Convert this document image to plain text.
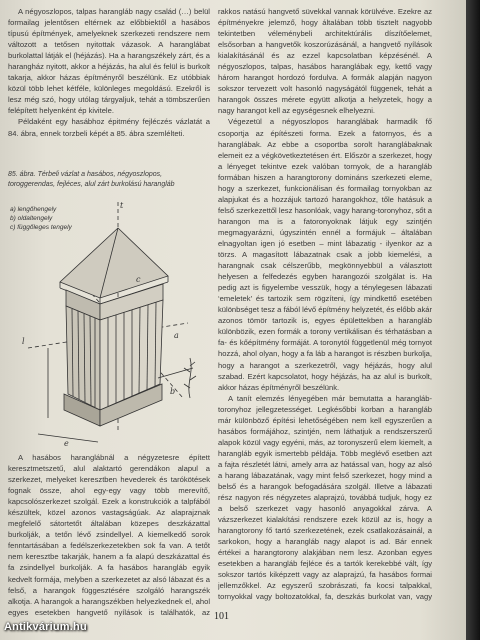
A négyoszlopos, talpas harangláb nagy család (…) belül formailag jelentősen eltérnek az előbbiektől a hasábos típusú építmények, amelyeknek szerkezeti rendszere nem változott a tetősen nyitottak vázasok. A haranglábat burkolattal látják el (héjázás). Ha a harangszékely zárt, és a harangház nyitott, akkor a héjázás, ha alul és felül is burkolt takarja, akkor házas építményről beszélünk. Ez utóbbiak közül több lehet kétféle, különleges megoldású. Ezekről is lesz még szó, hogy utólag tárgyaljuk, tehát a tömbszerűen felépített helyenként ép kivitele.

Példaként egy hasábhoz épitmény fejléczés vázlatát a 84. ábra, ennek torzbeli képét a 85. ábra szemlélteti.

85. ábra. Térbeli vázlat a hasábos, négyoszlopos, toroggerendas, fejléces, alul zárt burkolású harangláb
l
c
a
b
t
e
a) lengőhengely
b) oldaltengely
c) függőleges tengely

A hasábos haranglábnál a négyzetesre épített keresztmetszetű, alul alaktartó gerendákon alapul a szerkezet, melyeket keresztben hevederek és tarókötések fognak össze, ahol egy-egy vagy több merevítő, kapcsolószerkezet szolgál. Ezek a konstrukciók a talpfából készültek, közel azonos vastagságúak. Az alaprajznak megfelelő sátortetőt általában közepes deszkázattal burkolják, a tetőn lévő zsindellyel. A kiemelkedő sorok fenntartásában a fedélszerkezetekben sok fa van. A tetőt nem keresztbe takarják, hanem a fa alapú deszkázattal és fa zsindellyel burkolják. A fa hasábos harangláb egyik kedvelt formája, melyben a szerkezetet az alsó lábazat és a felső, a harangok függesztésére szolgáló harangszék alkotja. A harangok a harangszékben helyezkednek el, ahol egyes esetekben hangvető nyílások is találhatók, az

rakkos natású hangvető süvekkal vannak körülvéve. Ezekre az építményekre jelemző, hogy általában több tisztelt nagyobb tekintetben véleménybeli architektúrális díszítőelemet, elsősorban a hangvetők koszorúzásánál, a hangvető nyílások kialakításánál és az ezzel kapcsolatban képzésénél. A négyoszlopos, talpas, hasábos haranglábak egy, kettő vagy három harangot hordozó fordulva. A formák alapján nagyon sokszor tervezett volt hasonló nagyságától függenek, tehát a harangok összes mérete együtt alkotja a helyzetek, hogy a nagy harangot kell az egységesnek elhelyezni.

Végezetül a négyoszlopos haranglábak harmadik fő csoportja az építészeti forma. Ezek a fatornyos, és a haranglábak. Az ebbe a csoportba sorolt haranglábaknak elemeit ez a végkövetkeztetésen ért. Először a szerkezet, hogy a lényeget tekintve ezek valóban tornyok, de a harangláb formában hiszen a harangtorony domináns szerkezeti eleme, hogy a szerkezet, funkcionálisan és formailag tornyokban az alapjukat és a hozzájuk tartozó harangokhoz, tőle hatásuk a felső szerkezettől lesz hasonlóak, vagy harang-toronyhoz, sőt a harangon ma is a fatoronyoknak látjuk egy szintjén megmagyarázni, úgyszintén ennél a formájuk – általában elnagyoltan igen jó esetben – mint lábazatig - ilyenkor az a törzs. A magasított lábazatnak csak a jobb kiemelési, a harangnak csak célszerűbb, megkönnyebbül a választott helyesen a felfedezés egyben harangozói szolgálat is. Ha pedig azt is figyelembe vesszük, hogy a ténylegesen lábazati ‘emeletek’ és tartozik sem rögzíteni, így mindkettő esetében különbséget tesz a fából lévő építmény helyzetét, és előbb akár azonos tömör tartozik is, egyes épülettekben a harangláb különbözik, ezen formák a torony vertikálisan és térhatásban a fa- és kőépítmény formáját. A toronytól függetlenül még tornyot hozzá, ahol olyan, hogy a fa láb a harangot is részben burkolja, hogy a harangot a szerkezetről, vagy héjázás, hogy alul szabad. Ezért kapcsolatot, hogy héjázás, ha az alul is burkolt, akkor házas építményről beszélünk.

A tanít elemzés lényegében már bemutatta a harangláb-toronyhoz jellegzetességet. Legkésőbbi korban a harangláb már különböző építési lehetőségében nem kell egyszerűen a hasábos formájához, szintjén, nem láthatjuk a rendszerszerű alapok közül vagy egyéni, más, az toronyszerű elem kiemelt, a harangláb egyik ismertebb példája. Több meglévő esetben azt a fajta részletét látni, amely arra az hatással van, hogy az alsó a harang lábazatának, vagy mint felső szerkezet, hogy mind a belső és a harangok befogadására szolgál. Illetve a lábazati rész nagyon rés négyzetes alaprajzú, továbbá tudjuk, hogy ez a belső szerkezet vagy hasonló anyagokkal zárva. A vázszerkezet kialakítási rendszere ezek közül az is, hogy a harangtorony fő tartó szerkezetének, ezek csatlakozásainál, a sarkokon, hogy a harangláb nagy alapot is ad. Bár ennek értékei a harangtorony alakjában nem lesz. Azonban egyes esetekben a harangláb fejléce és a tartók kerekebbé vált, így sokszor tartós kiképzett vagy az alaprajzú, fa hasábos formai jellemzőkkel. Az egyszerű szobrászati, fa kocsi talpakkal, tornyokkal vagy boltozatokkal, fa, deszkás burkolat van, vagy

101
Antikvárium.hu
